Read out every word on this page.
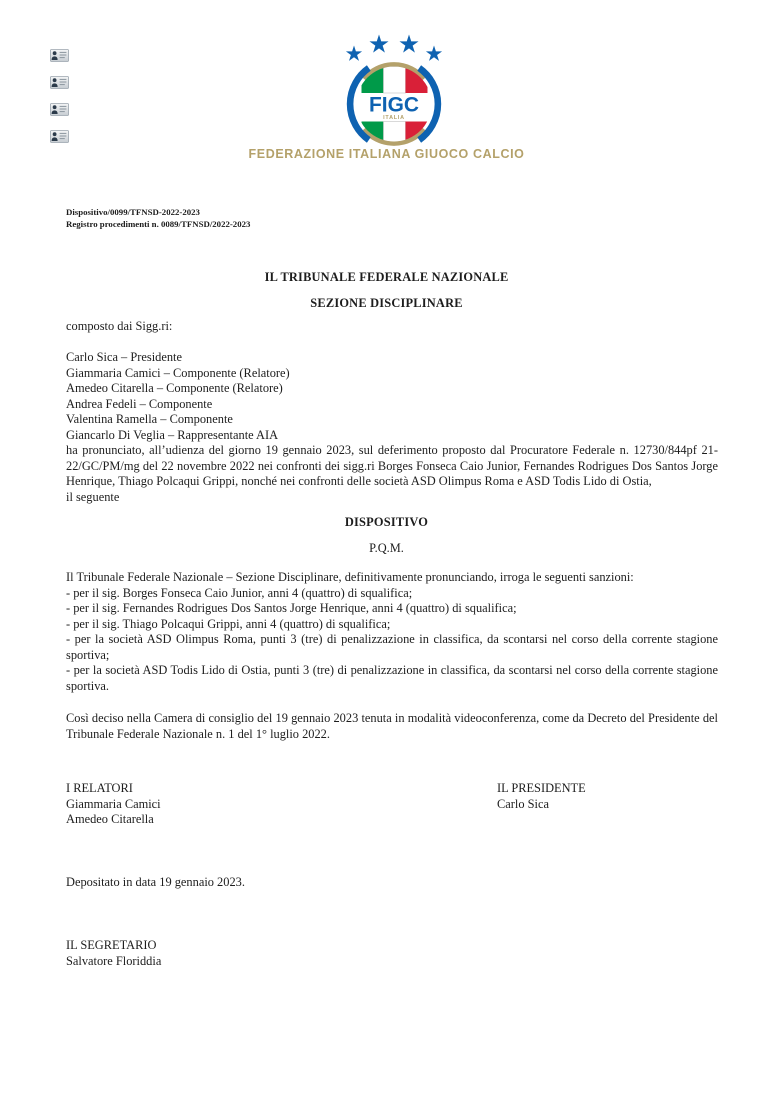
FIGC
ITALIA
FEDERAZIONE ITALIANA GIUOCO CALCIO
Dispositivo/0099/TFNSD-2022-2023
Registro procedimenti n. 0089/TFNSD/2022-2023
IL TRIBUNALE FEDERALE NAZIONALE
SEZIONE DISCIPLINARE
composto dai Sigg.ri:
Carlo Sica – Presidente
Giammaria Camici – Componente (Relatore)
Amedeo Citarella – Componente (Relatore)
Andrea Fedeli – Componente
Valentina Ramella – Componente
Giancarlo Di Veglia – Rappresentante AIA
ha pronunciato, all’udienza del giorno 19 gennaio 2023, sul deferimento proposto dal Procuratore Federale n. 12730/844pf 21-22/GC/PM/mg del 22 novembre 2022 nei confronti dei sigg.ri Borges Fonseca Caio Junior, Fernandes Rodrigues Dos Santos Jorge Henrique, Thiago Polcaqui Grippi, nonché nei confronti delle società ASD Olimpus Roma e ASD Todis Lido di Ostia,
il seguente
DISPOSITIVO
P.Q.M.
Il Tribunale Federale Nazionale – Sezione Disciplinare, definitivamente pronunciando, irroga le seguenti sanzioni:
- per il sig. Borges Fonseca Caio Junior, anni 4 (quattro) di squalifica;
- per il sig. Fernandes Rodrigues Dos Santos Jorge Henrique, anni 4 (quattro) di squalifica;
- per il sig. Thiago Polcaqui Grippi, anni 4 (quattro) di squalifica;
- per la società ASD Olimpus Roma, punti 3 (tre) di penalizzazione in classifica, da scontarsi nel corso della corrente stagione sportiva;
- per la società ASD Todis Lido di Ostia, punti 3 (tre) di penalizzazione in classifica, da scontarsi nel corso della corrente stagione sportiva.
Così deciso nella Camera di consiglio del 19 gennaio 2023 tenuta in modalità videoconferenza, come da Decreto del Presidente del Tribunale Federale Nazionale n. 1 del 1° luglio 2022.
I RELATORI
Giammaria Camici
Amedeo Citarella
IL PRESIDENTE
Carlo Sica
Depositato in data 19 gennaio 2023.
IL SEGRETARIO
Salvatore Floriddia
